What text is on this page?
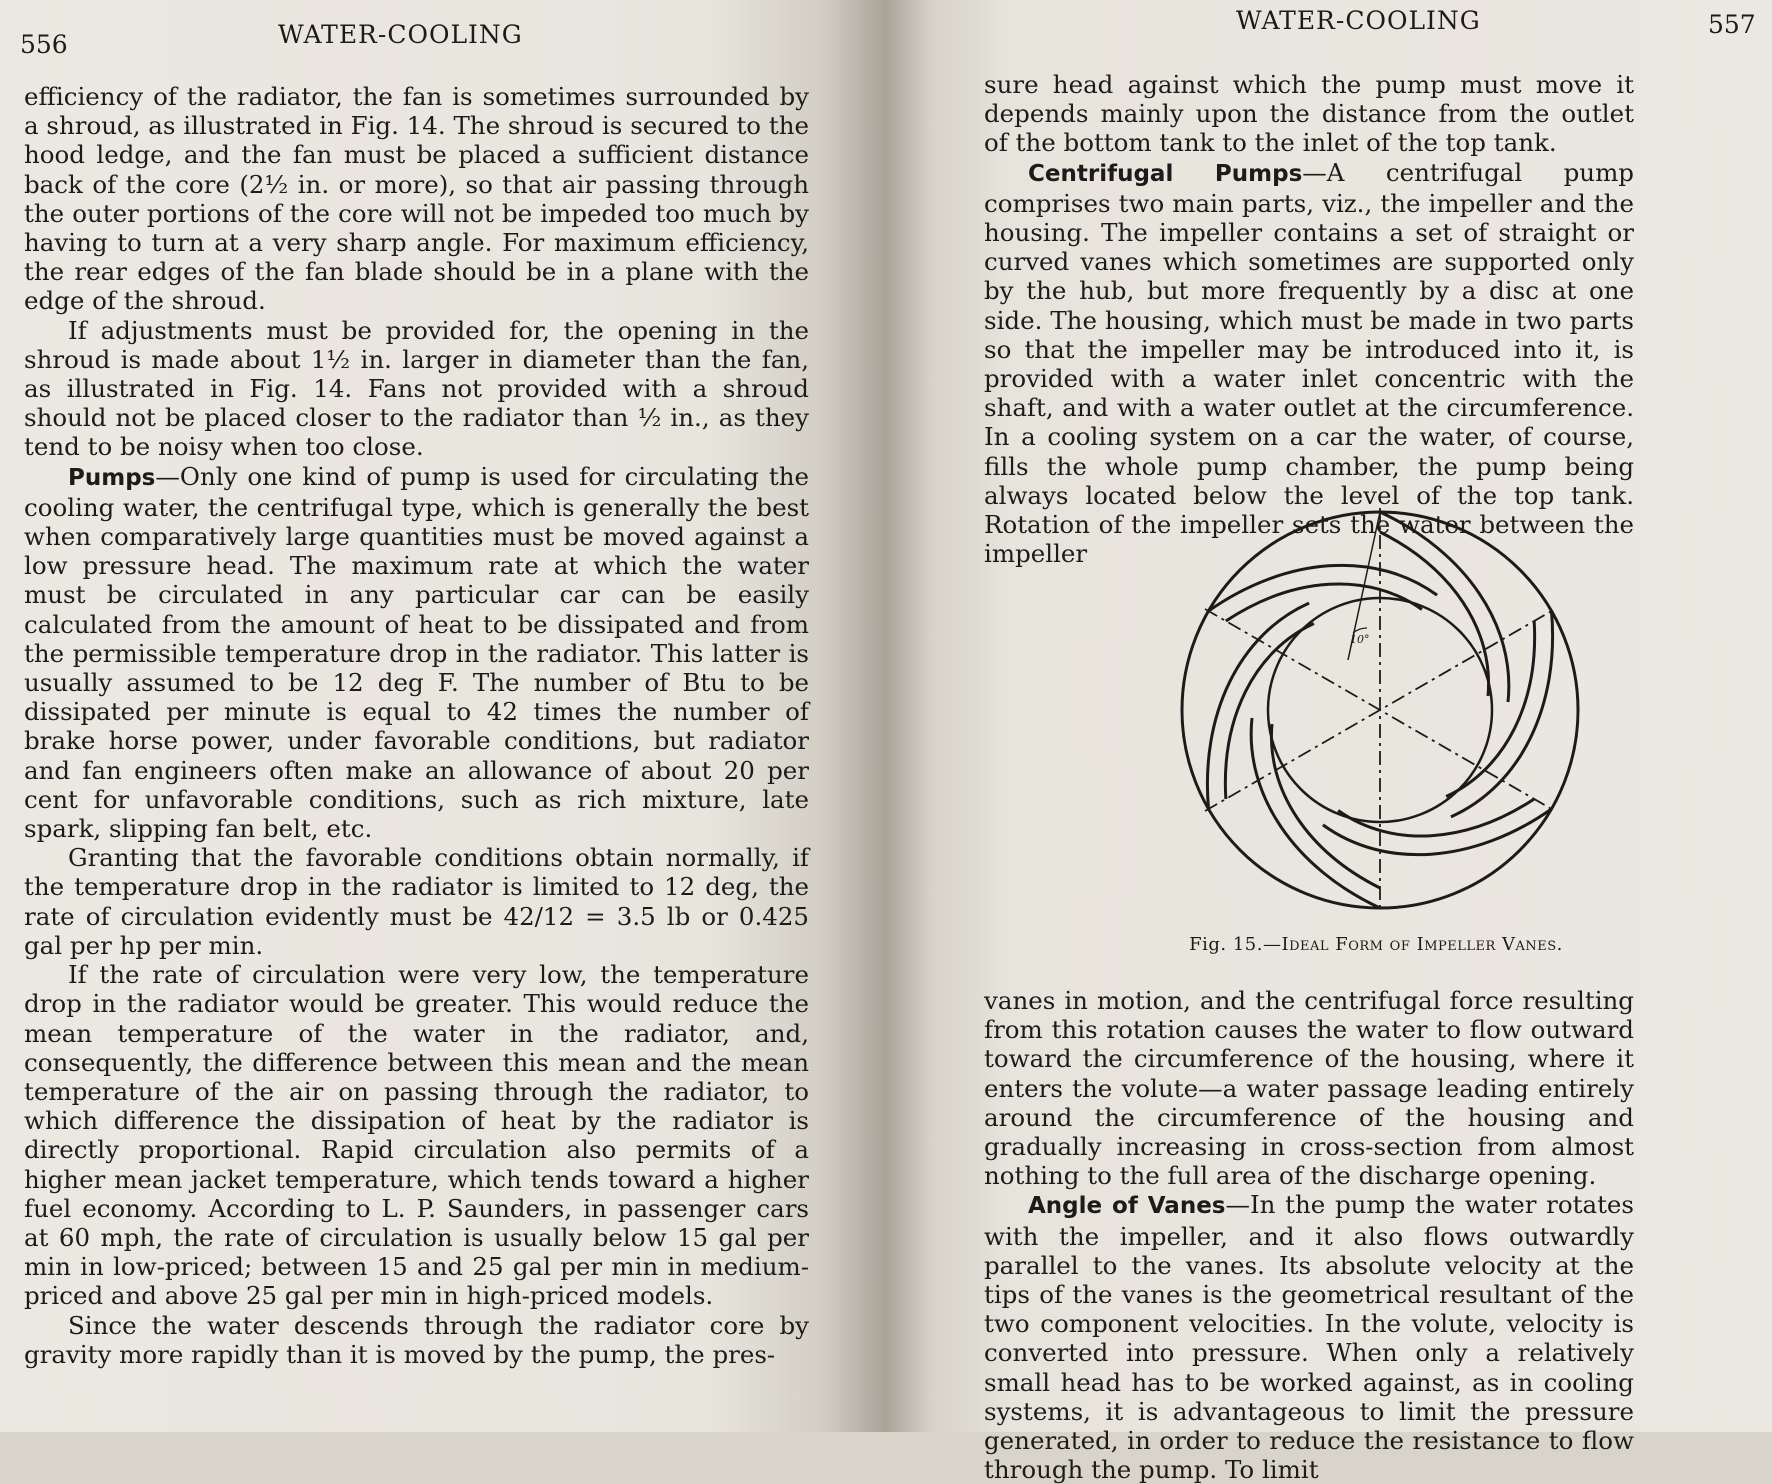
556	WATER-COOLING

efficiency of the radiator, the fan is sometimes surrounded by a shroud, as illustrated in Fig. 14. The shroud is secured to the hood ledge, and the fan must be placed a sufficient distance back of the core (2½ in. or more), so that air passing through the outer portions of the core will not be impeded too much by having to turn at a very sharp angle. For maximum efficiency, the rear edges of the fan blade should be in a plane with the edge of the shroud.

If adjustments must be provided for, the opening in the shroud is made about 1½ in. larger in diameter than the fan, as illustrated in Fig. 14. Fans not provided with a shroud should not be placed closer to the radiator than ½ in., as they tend to be noisy when too close.

Pumps—Only one kind of pump is used for circulating the cooling water, the centrifugal type, which is generally the best when comparatively large quantities must be moved against a low pressure head. The maximum rate at which the water must be circulated in any particular car can be easily calculated from the amount of heat to be dissipated and from the permissible temperature drop in the radiator. This latter is usually assumed to be 12 deg F. The number of Btu to be dissipated per minute is equal to 42 times the number of brake horse power, under favorable conditions, but radiator and fan engineers often make an allowance of about 20 per cent for unfavorable conditions, such as rich mixture, late spark, slipping fan belt, etc.

Granting that the favorable conditions obtain normally, if the temperature drop in the radiator is limited to 12 deg, the rate of circulation evidently must be 42/12 = 3.5 lb or 0.425 gal per hp per min.

If the rate of circulation were very low, the temperature drop in the radiator would be greater. This would reduce the mean temperature of the water in the radiator, and, consequently, the difference between this mean and the mean temperature of the air on passing through the radiator, to which difference the dissipation of heat by the radiator is directly proportional. Rapid circulation also permits of a higher mean jacket temperature, which tends toward a higher fuel economy. According to L. P. Saunders, in passenger cars at 60 mph, the rate of circulation is usually below 15 gal per min in low-priced; between 15 and 25 gal per min in medium-priced and above 25 gal per min in high-priced models.

Since the water descends through the radiator core by gravity more rapidly than it is moved by the pump, the pres-

WATER-COOLING	557

sure head against which the pump must move it depends mainly upon the distance from the outlet of the bottom tank to the inlet of the top tank.

Centrifugal Pumps—A centrifugal pump comprises two main parts, viz., the impeller and the housing. The impeller contains a set of straight or curved vanes which sometimes are supported only by the hub, but more frequently by a disc at one side. The housing, which must be made in two parts so that the impeller may be introduced into it, is provided with a water inlet concentric with the shaft, and with a water outlet at the circumference. In a cooling system on a car the water, of course, fills the whole pump chamber, the pump being always located below the level of the top tank. Rotation of the impeller sets the water between the impeller

10°
Fig. 15.—Ideal Form of Impeller Vanes.

vanes in motion, and the centrifugal force resulting from this rotation causes the water to flow outward toward the circumference of the housing, where it enters the volute—a water passage leading entirely around the circumference of the housing and gradually increasing in cross-section from almost nothing to the full area of the discharge opening.

Angle of Vanes—In the pump the water rotates with the impeller, and it also flows outwardly parallel to the vanes. Its absolute velocity at the tips of the vanes is the geometrical resultant of the two component velocities. In the volute, velocity is converted into pressure. When only a relatively small head has to be worked against, as in cooling systems, it is advantageous to limit the pressure generated, in order to reduce the resistance to flow through the pump. To limit
